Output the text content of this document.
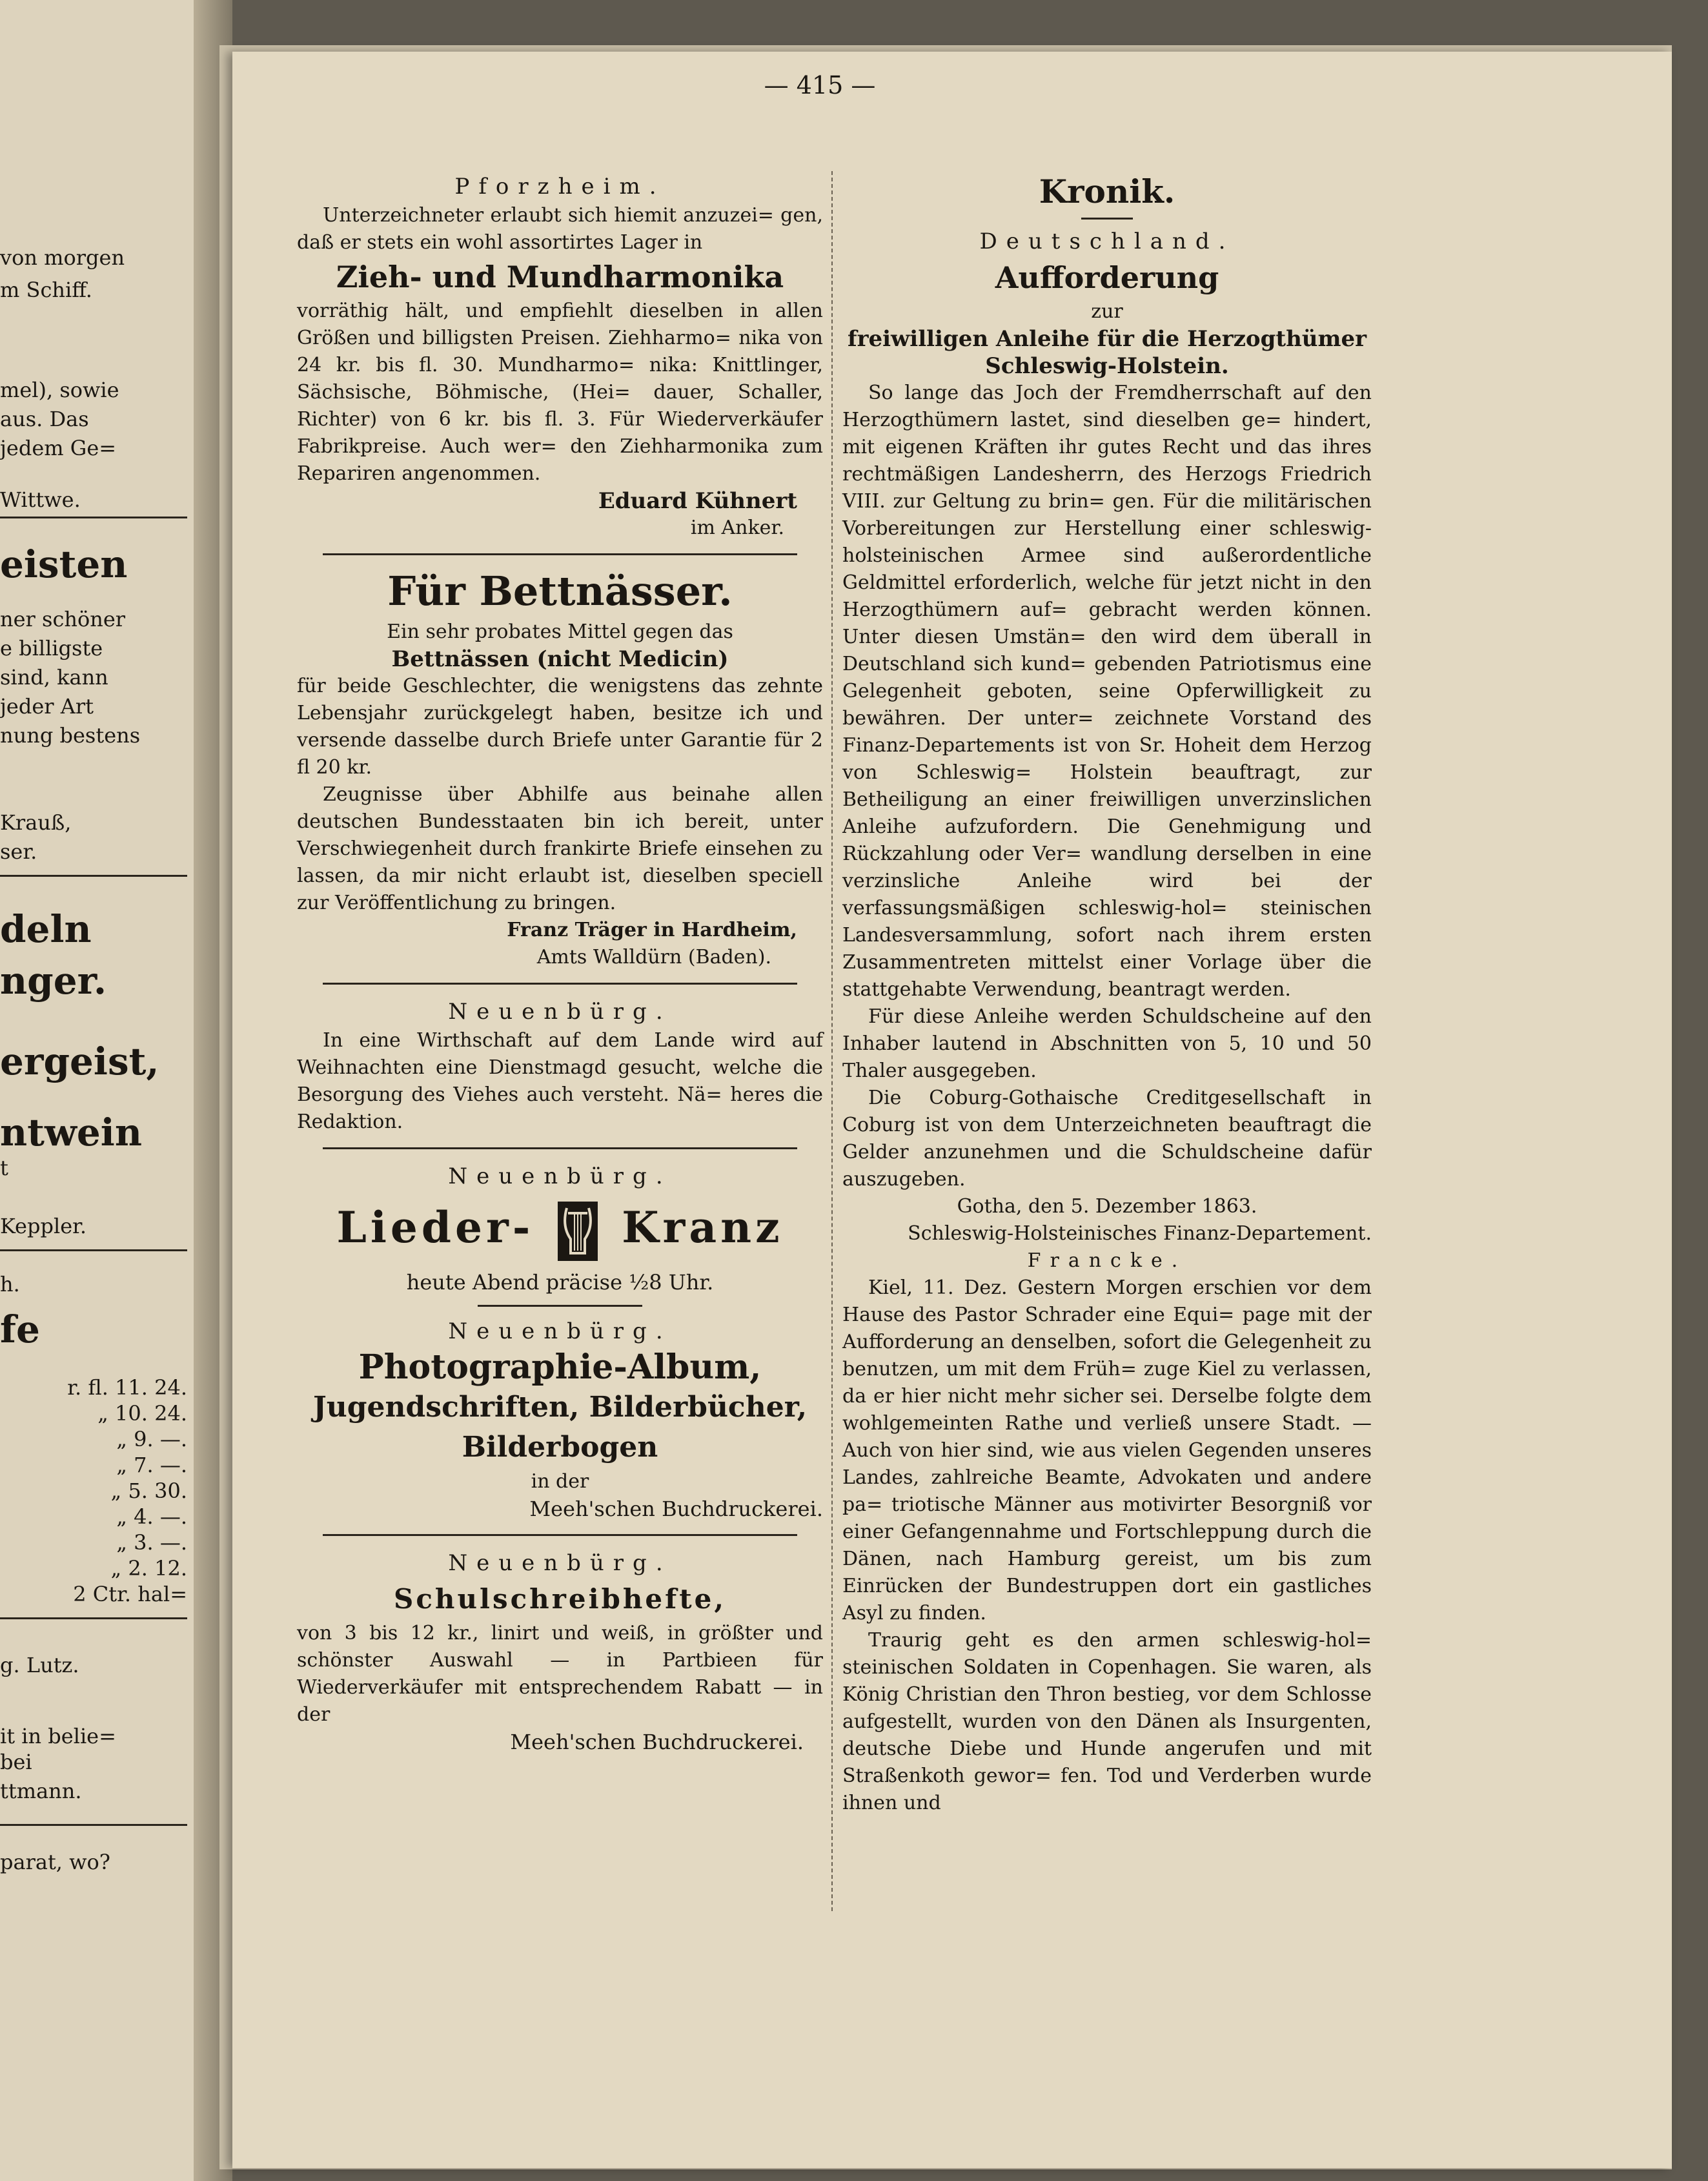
von morgen
m Schiff.
mel), sowie
aus. Das
jedem Ge=
Wittwe.
eisten
ner schöner
e billigste
sind, kann
jeder Art
nung bestens
Krauß,
ser.
deln
nger.
ergeist,
ntwein
t
Keppler.
h.
fe
r. fl. 11. 24.
„ 10. 24.
„ 9. —.
„ 7. —.
„ 5. 30.
„ 4. —.
„ 3. —.
„ 2. 12.
2 Ctr. hal=
g. Lutz.
it in belie=
bei
ttmann.
parat, wo?
— 415 —

Pforzheim.

Unterzeichneter erlaubt sich hiemit anzuzei= gen, daß er stets ein wohl assortirtes Lager in

Zieh- und Mundharmonika

vorräthig hält, und empfiehlt dieselben in allen Größen und billigsten Preisen. Ziehharmo= nika von 24 kr. bis fl. 30. Mundharmo= nika: Knittlinger, Sächsische, Böhmische, (Hei= dauer, Schaller, Richter) von 6 kr. bis fl. 3. Für Wiederverkäufer Fabrikpreise. Auch wer= den Ziehharmonika zum Repariren angenommen.

Eduard Kühnert

im Anker.

Für Bettnässer.

Ein sehr probates Mittel gegen das

Bettnässen (nicht Medicin)

für beide Geschlechter, die wenigstens das zehnte Lebensjahr zurückgelegt haben, besitze ich und versende dasselbe durch Briefe unter Garantie für 2 fl 20 kr.

Zeugnisse über Abhilfe aus beinahe allen deutschen Bundesstaaten bin ich bereit, unter Verschwiegenheit durch frankirte Briefe einsehen zu lassen, da mir nicht erlaubt ist, dieselben speciell zur Veröffentlichung zu bringen.

Franz Träger in Hardheim,

Amts Walldürn (Baden).

Neuenbürg.

In eine Wirthschaft auf dem Lande wird auf Weihnachten eine Dienstmagd gesucht, welche die Besorgung des Viehes auch versteht. Nä= heres die Redaktion.

Neuenbürg.

Lieder- Kranz

heute Abend präcise ½8 Uhr.

Neuenbürg.

Photographie-Album,

Jugendschriften, Bilderbücher,

Bilderbogen

in der

Meeh'schen Buchdruckerei.

Neuenbürg.

Schulschreibhefte,

von 3 bis 12 kr., linirt und weiß, in größter und schönster Auswahl — in Partbieen für Wiederverkäufer mit entsprechendem Rabatt — in der

Meeh'schen Buchdruckerei.

Kronik.

Deutschland.

Aufforderung

zur

freiwilligen Anleihe für die Herzogthümer

Schleswig-Holstein.

So lange das Joch der Fremdherrschaft auf den Herzogthümern lastet, sind dieselben ge= hindert, mit eigenen Kräften ihr gutes Recht und das ihres rechtmäßigen Landesherrn, des Herzogs Friedrich VIII. zur Geltung zu brin= gen. Für die militärischen Vorbereitungen zur Herstellung einer schleswig-holsteinischen Armee sind außerordentliche Geldmittel erforderlich, welche für jetzt nicht in den Herzogthümern auf= gebracht werden können. Unter diesen Umstän= den wird dem überall in Deutschland sich kund= gebenden Patriotismus eine Gelegenheit geboten, seine Opferwilligkeit zu bewähren. Der unter= zeichnete Vorstand des Finanz-Departements ist von Sr. Hoheit dem Herzog von Schleswig= Holstein beauftragt, zur Betheiligung an einer freiwilligen unverzinslichen Anleihe aufzufordern. Die Genehmigung und Rückzahlung oder Ver= wandlung derselben in eine verzinsliche Anleihe wird bei der verfassungsmäßigen schleswig-hol= steinischen Landesversammlung, sofort nach ihrem ersten Zusammentreten mittelst einer Vorlage über die stattgehabte Verwendung, beantragt werden.

Für diese Anleihe werden Schuldscheine auf den Inhaber lautend in Abschnitten von 5, 10 und 50 Thaler ausgegeben.

Die Coburg-Gothaische Creditgesellschaft in Coburg ist von dem Unterzeichneten beauftragt die Gelder anzunehmen und die Schuldscheine dafür auszugeben.

Gotha, den 5. Dezember 1863.

Schleswig-Holsteinisches Finanz-Departement.

Francke.

Kiel, 11. Dez. Gestern Morgen erschien vor dem Hause des Pastor Schrader eine Equi= page mit der Aufforderung an denselben, sofort die Gelegenheit zu benutzen, um mit dem Früh= zuge Kiel zu verlassen, da er hier nicht mehr sicher sei. Derselbe folgte dem wohlgemeinten Rathe und verließ unsere Stadt. — Auch von hier sind, wie aus vielen Gegenden unseres Landes, zahlreiche Beamte, Advokaten und andere pa= triotische Männer aus motivirter Besorgniß vor einer Gefangennahme und Fortschleppung durch die Dänen, nach Hamburg gereist, um bis zum Einrücken der Bundestruppen dort ein gastliches Asyl zu finden.

Traurig geht es den armen schleswig-hol= steinischen Soldaten in Copenhagen. Sie waren, als König Christian den Thron bestieg, vor dem Schlosse aufgestellt, wurden von den Dänen als Insurgenten, deutsche Diebe und Hunde angerufen und mit Straßenkoth gewor= fen. Tod und Verderben wurde ihnen und
